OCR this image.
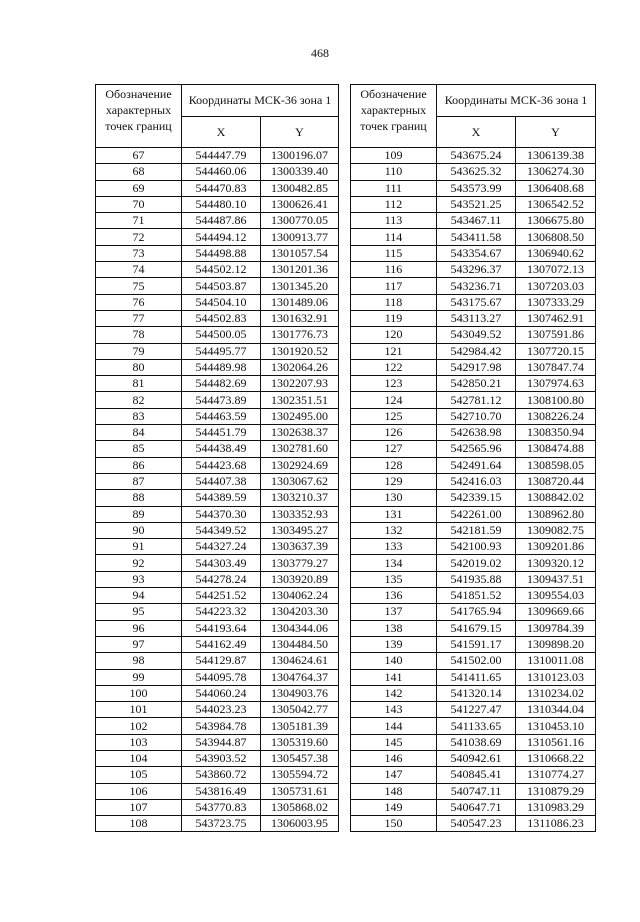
468
Обозначение характерных точек границ	Координаты МСК-36 зона 1	
	X	Y
67	544447.79	1300196.07
68	544460.06	1300339.40
69	544470.83	1300482.85
70	544480.10	1300626.41
71	544487.86	1300770.05
72	544494.12	1300913.77
73	544498.88	1301057.54
74	544502.12	1301201.36
75	544503.87	1301345.20
76	544504.10	1301489.06
77	544502.83	1301632.91
78	544500.05	1301776.73
79	544495.77	1301920.52
80	544489.98	1302064.26
81	544482.69	1302207.93
82	544473.89	1302351.51
83	544463.59	1302495.00
84	544451.79	1302638.37
85	544438.49	1302781.60
86	544423.68	1302924.69
87	544407.38	1303067.62
88	544389.59	1303210.37
89	544370.30	1303352.93
90	544349.52	1303495.27
91	544327.24	1303637.39
92	544303.49	1303779.27
93	544278.24	1303920.89
94	544251.52	1304062.24
95	544223.32	1304203.30
96	544193.64	1304344.06
97	544162.49	1304484.50
98	544129.87	1304624.61
99	544095.78	1304764.37
100	544060.24	1304903.76
101	544023.23	1305042.77
102	543984.78	1305181.39
103	543944.87	1305319.60
104	543903.52	1305457.38
105	543860.72	1305594.72
106	543816.49	1305731.61
107	543770.83	1305868.02
108	543723.75	1306003.95
Обозначение характерных точек границ	Координаты МСК-36 зона 1	
	X	Y
109	543675.24	1306139.38
110	543625.32	1306274.30
111	543573.99	1306408.68
112	543521.25	1306542.52
113	543467.11	1306675.80
114	543411.58	1306808.50
115	543354.67	1306940.62
116	543296.37	1307072.13
117	543236.71	1307203.03
118	543175.67	1307333.29
119	543113.27	1307462.91
120	543049.52	1307591.86
121	542984.42	1307720.15
122	542917.98	1307847.74
123	542850.21	1307974.63
124	542781.12	1308100.80
125	542710.70	1308226.24
126	542638.98	1308350.94
127	542565.96	1308474.88
128	542491.64	1308598.05
129	542416.03	1308720.44
130	542339.15	1308842.02
131	542261.00	1308962.80
132	542181.59	1309082.75
133	542100.93	1309201.86
134	542019.02	1309320.12
135	541935.88	1309437.51
136	541851.52	1309554.03
137	541765.94	1309669.66
138	541679.15	1309784.39
139	541591.17	1309898.20
140	541502.00	1310011.08
141	541411.65	1310123.03
142	541320.14	1310234.02
143	541227.47	1310344.04
144	541133.65	1310453.10
145	541038.69	1310561.16
146	540942.61	1310668.22
147	540845.41	1310774.27
148	540747.11	1310879.29
149	540647.71	1310983.29
150	540547.23	1311086.23
